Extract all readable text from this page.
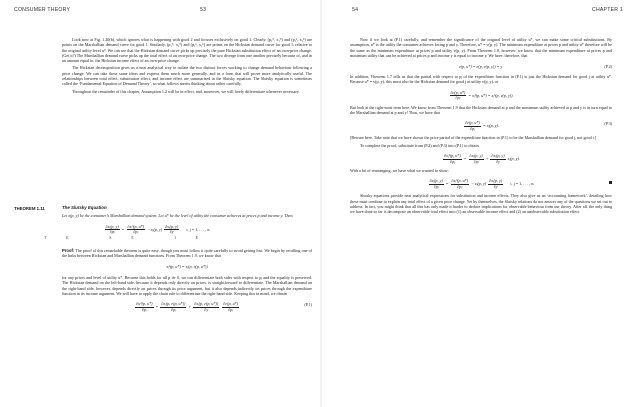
CONSUMER THEORY	53

Look now at Fig. 1.20(b), which ignores what is happening with good 2 and focuses exclusively on good 1. Clearly, (p₁⁰, x₁⁰) and (p₁¹, x₁ʰ) are points on the Marshallian demand curve for good 1. Similarly, (p₁⁰, x₁⁰) and (p₁¹, x₁ʰ) are points on the Hicksian demand curve for good 1, relative to the original utility level u⁰. We can see that the Hicksian demand curve picks up precisely the pure Hicksian substitution effect of an own-price change. (Get it?) The Marshallian demand curve picks up the total effect of an own-price change. The two diverge from one another precisely because of, and in an amount equal to, the Hicksian income effect of an own-price change.

The Hicksian decomposition gives us a neat analytical way to isolate the two distinct forces working to change demand behaviour following a price change. We can take these same ideas and express them much more generally, and in a form that will prove more analytically useful. The relationships between total effect, substitution effect, and income effect are summarised in the Slutsky equation. The Slutsky equation is sometimes called the ‘Fundamental Equation of Demand Theory’, so what follows merits thinking about rather carefully.

Throughout the remainder of this chapter, Assumption 1.2 will be in effect, and, moreover, we will freely differentiate whenever necessary.

THEOREM 1.11	The Slutsky Equation

Let x(p, y) be the consumer’s Marshallian demand system. Let u* be the level of utility the consumer achieves at prices p and income y. Then,

$\frac{\text{∂xᵢ(p, y)}}{\text{∂pⱼ}} = \frac{\text{∂xᵢʰ(p, u*)}}{\text{∂pⱼ}}$ − xⱼ(p, $y) \frac{\text{∂xᵢ(p, y)}}{\partial y} i$, j = 1, . . . , n.
TE SE IE

Proof: The proof of this remarkable theorem is quite easy, though you must follow it quite carefully to avoid getting lost. We begin by recalling one of the links between Hicksian and Marshallian demand functions. From Theorem 1.9, we know that

xᵢʰ(p, u*) = xᵢ(p, e(p, u*))

for any prices and level of utility u*. Because this holds for all p ≫ 0, we can differentiate both sides with respect to pⱼ and the equality is preserved. The Hicksian demand on the left-hand side, because it depends only directly on prices, is straightforward to differentiate. The Marshallian demand on the right-hand side, however, depends directly on prices through its price argument, but it also depends indirectly on prices through the expenditure function in its income argument. We will have to apply the chain rule to differentiate the right-hand side. Keeping this in mind, we obtain

$\frac{\text{∂xᵢʰ(p, u*)}}{\text{∂pⱼ}} = \frac{\text{∂xᵢ(p, e(p, u*))}}{\text{∂pⱼ}} + \frac{\text{∂xᵢ(p, e(p, u*))}}{\partial y}$
$\frac{\partial e(p, u*)}{\text{∂pⱼ}}$	(P.1)
54	CHAPTER 1

Now if we look at (P.1) carefully, and remember the significance of the original level of utility u*, we can make some critical substitutions. By assumption, u* is the utility the consumer achieves facing p and y. Therefore, u* = v(p, y). The minimum expenditure at prices p and utility u* therefore will be the same as the minimum expenditure at prices p and utility v(p, y). From Theorem 1.8, however, we know that the minimum expenditure at prices p and maximum utility that can be achieved at prices p and income y is equal to income y. We have, therefore, that

e(p, u*) = e(p, v(p, y)) = y.	(P.2)

In addition, Theorem 1.7 tells us that the partial with respect to pⱼ of the expenditure function in (P.1) is just the Hicksian demand for good j at utility u*. Because u* = v(p, y), this must also be the Hicksian demand for good j at utility v(p, y), or

$\frac{\partial e(p, u*)}{\text{∂pⱼ}}$ = xⱼʰ(p, u*) = xⱼʰ(p, v(p, y)).

But look at the right-most term here. We know from Theorem 1.9 that the Hicksian demand at p and the maximum utility achieved at p and y is in turn equal to the Marshallian demand at p and y! Thus, we have that

$\frac{\partial e(p, u*)}{\text{∂pⱼ}}$ = xⱼ(p, y).	(P.3)

[Beware here. Take note that we have shown the price partial of the expenditure function in (P.1) to be the Marshallian demand for good j, not good i.]

To complete the proof, substitute from (P.2) and (P.3) into (P.1) to obtain

$\frac{\text{∂xᵢʰ(p, u*)}}{\text{∂pⱼ}} = \frac{\text{∂xᵢ(p, y)}}{\text{∂pⱼ}} + \frac{\text{∂xᵢ(p, y)}}{\partial y}$ xⱼ(p, y).

With a bit of rearranging, we have what we wanted to show:

$\frac{\text{∂xᵢ(p, y)}}{\text{∂pⱼ}} = \frac{\text{∂xᵢʰ(p, u*)}}{\text{∂pⱼ}}$ − xⱼ(p, $y) \frac{\text{∂xᵢ(p, y)}}{\partial y} i$, j = 1, . . . , n.

Slutsky equations provide neat analytical expressions for substitution and income effects. They also give us an ‘accounting framework’, detailing how these must combine to explain any total effect of a given price change. Yet by themselves, the Slutsky relations do not answer any of the questions we set out to address. In fact, you might think that all this has only made it harder to deduce implications for observable behaviour from our theory. After all, the only thing we have done so far is decompose an observable total effect into (1) an observable income effect and (2) an unobservable substitution effect.
